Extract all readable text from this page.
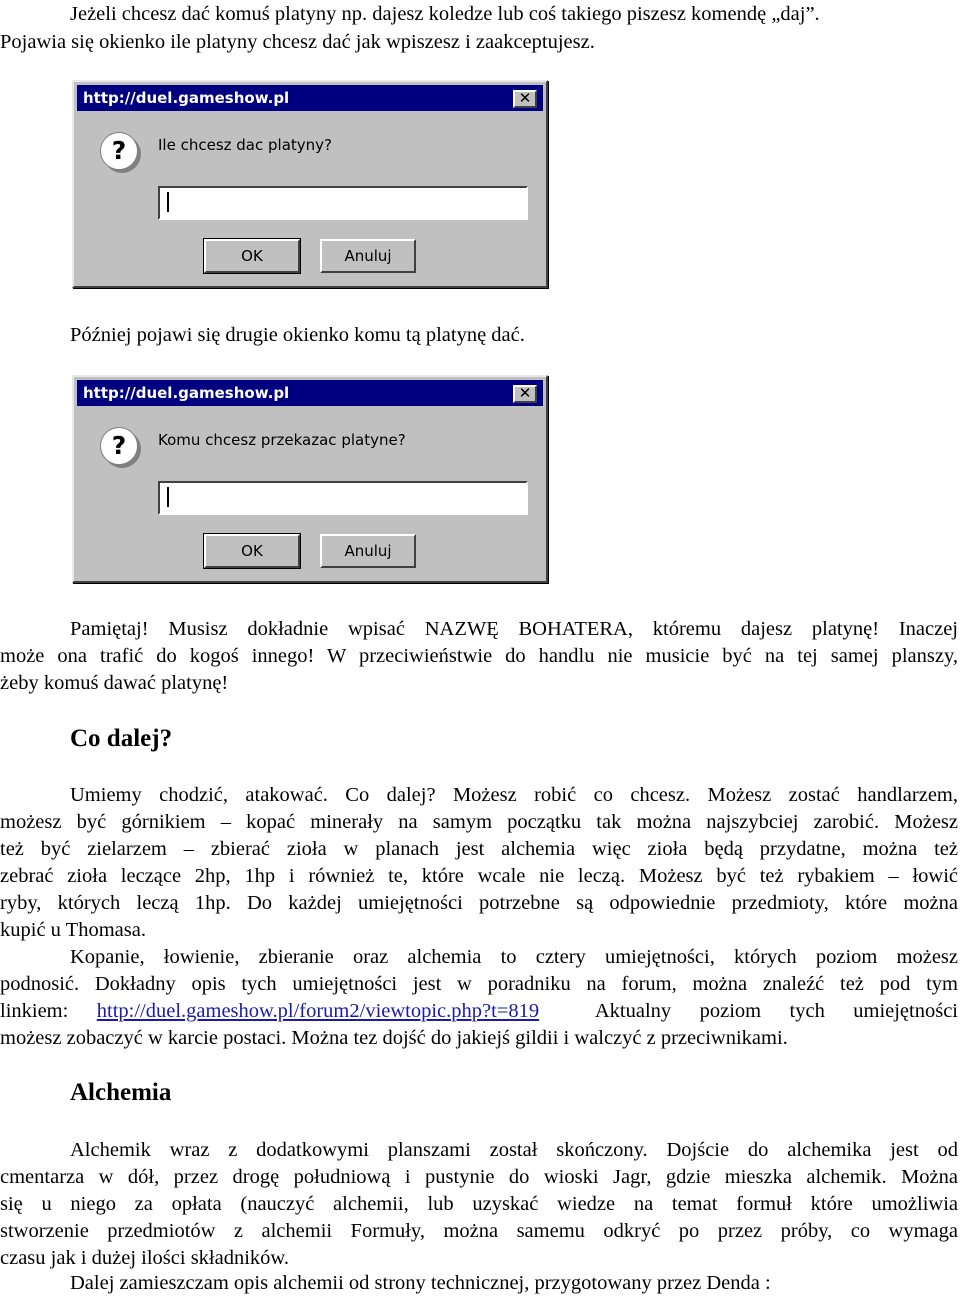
Jeżeli chcesz dać komuś platyny np. dajesz koledze lub coś takiego piszesz komendę „daj”.
Pojawia się okienko ile platyny chcesz dać jak wpiszesz i zaakceptujesz.
http://duel.gameshow.pl	✕
?	Ile chcesz dac platyny?
OK	Anuluj
Później pojawi się drugie okienko komu tą platynę dać.
http://duel.gameshow.pl	✕
?	Komu chcesz przekazac platyne?
OK	Anuluj
Pamiętaj! Musisz dokładnie wpisać NAZWĘ BOHATERA, któremu dajesz platynę! Inaczej
może ona trafić do kogoś innego! W przeciwieństwie do handlu nie musicie być na tej samej planszy,
żeby komuś dawać platynę!
Co dalej?
Umiemy chodzić, atakować. Co dalej? Możesz robić co chcesz. Możesz zostać handlarzem,
możesz być górnikiem – kopać minerały na samym początku tak można najszybciej zarobić. Możesz
też być zielarzem – zbierać zioła w planach jest alchemia więc zioła będą przydatne, można też
zebrać zioła leczące 2hp, 1hp i również te, które wcale nie leczą. Możesz być też rybakiem – łowić
ryby, których leczą 1hp. Do każdej umiejętności potrzebne są odpowiednie przedmioty, które można
kupić u Thomasa.
Kopanie, łowienie, zbieranie oraz alchemia to cztery umiejętności, których poziom możesz
podnosić. Dokładny opis tych umiejętności jest w poradniku na forum, można znaleźć też pod tym
linkiem: http://duel.gameshow.pl/forum2/viewtopic.php?t=819  Aktualny poziom tych umiejętności
możesz zobaczyć w karcie postaci. Można tez dojść do jakiejś gildii i walczyć z przeciwnikami.
Alchemia
Alchemik wraz z dodatkowymi planszami został skończony. Dojście do alchemika jest od
cmentarza w dół, przez drogę południową i pustynie do wioski Jagr, gdzie mieszka alchemik. Można
się u niego za opłata (nauczyć alchemii, lub uzyskać wiedze na temat formuł które umożliwia
stworzenie przedmiotów z alchemii Formuły, można samemu odkryć po przez próby, co wymaga
czasu jak i dużej ilości składników.
Dalej zamieszczam opis alchemii od strony technicznej, przygotowany przez Denda :
